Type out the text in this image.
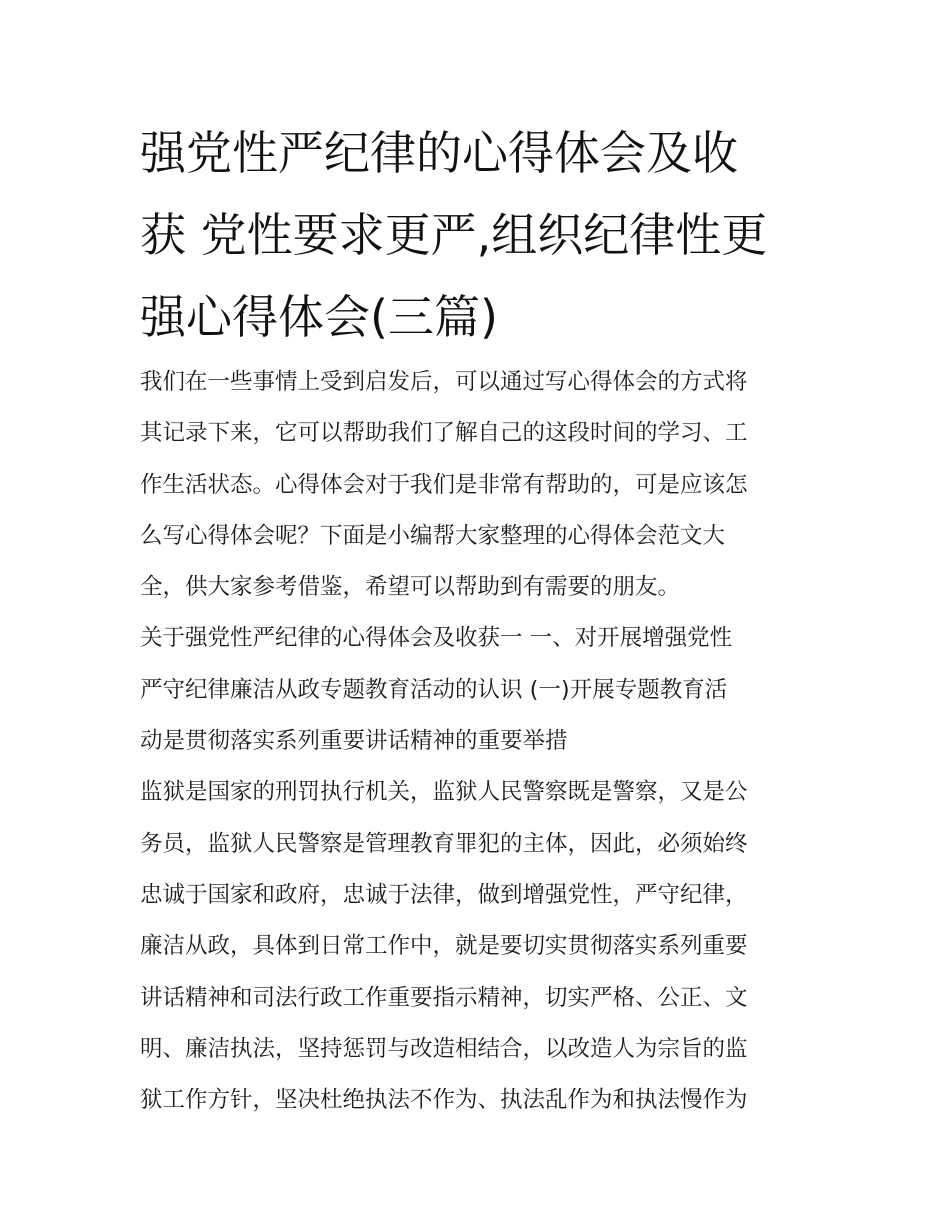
强党性严纪律的心得体会及收
获 党性要求更严,组织纪律性更
强心得体会(三篇)
我们在一些事情上受到启发后，可以通过写心得体会的方式将
其记录下来，它可以帮助我们了解自己的这段时间的学习、工
作生活状态。心得体会对于我们是非常有帮助的，可是应该怎
么写心得体会呢？下面是小编帮大家整理的心得体会范文大
全，供大家参考借鉴，希望可以帮助到有需要的朋友。
关于强党性严纪律的心得体会及收获一 一、对开展增强党性
严守纪律廉洁从政专题教育活动的认识 (一)开展专题教育活
动是贯彻落实系列重要讲话精神的重要举措
监狱是国家的刑罚执行机关，监狱人民警察既是警察，又是公
务员，监狱人民警察是管理教育罪犯的主体，因此，必须始终
忠诚于国家和政府，忠诚于法律，做到增强党性，严守纪律，
廉洁从政，具体到日常工作中，就是要切实贯彻落实系列重要
讲话精神和司法行政工作重要指示精神，切实严格、公正、文
明、廉洁执法，坚持惩罚与改造相结合，以改造人为宗旨的监
狱工作方针，坚决杜绝执法不作为、执法乱作为和执法慢作为
